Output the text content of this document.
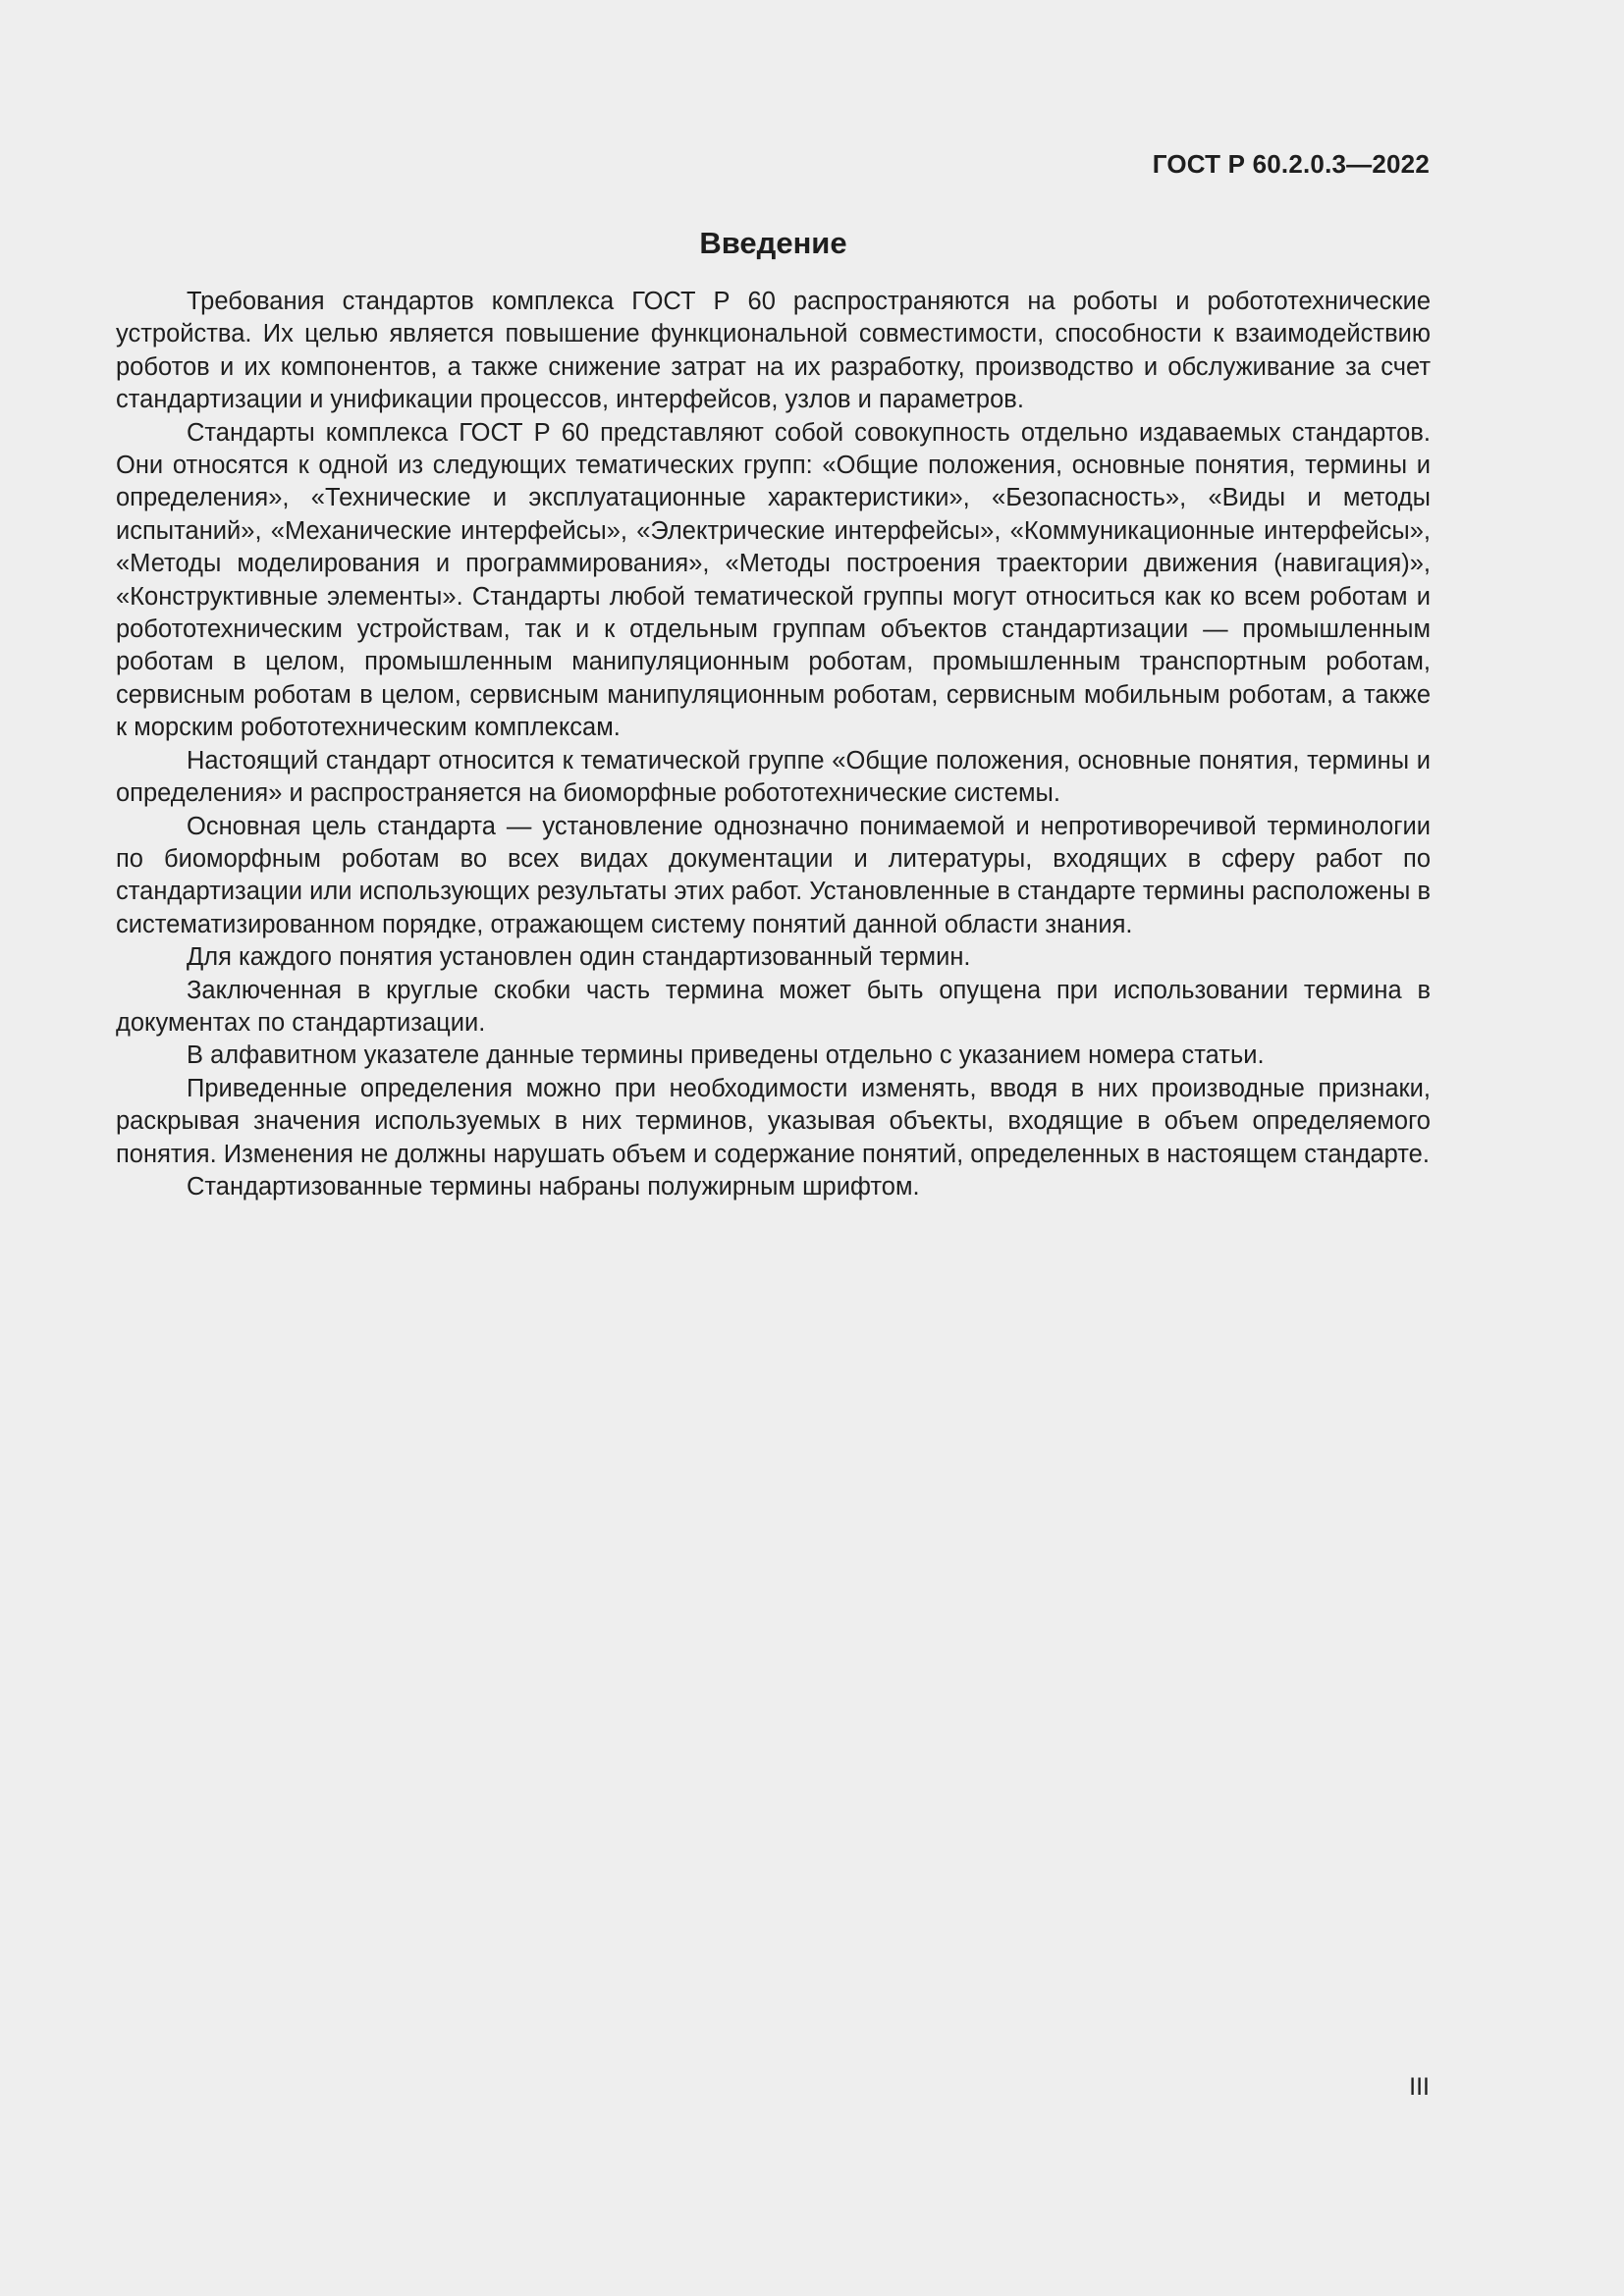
ГОСТ Р 60.2.0.3—2022
Введение

Требования стандартов комплекса ГОСТ Р 60 распространяются на роботы и робототехнические устройства. Их целью является повышение функциональной совместимости, способности к взаимодействию роботов и их компонентов, а также снижение затрат на их разработку, производство и обслуживание за счет стандартизации и унификации процессов, интерфейсов, узлов и параметров.

Стандарты комплекса ГОСТ Р 60 представляют собой совокупность отдельно издаваемых стандартов. Они относятся к одной из следующих тематических групп: «Общие положения, основные понятия, термины и определения», «Технические и эксплуатационные характеристики», «Безопасность», «Виды и методы испытаний», «Механические интерфейсы», «Электрические интерфейсы», «Коммуникационные интерфейсы», «Методы моделирования и программирования», «Методы построения траектории движения (навигация)», «Конструктивные элементы». Стандарты любой тематической группы могут относиться как ко всем роботам и робототехническим устройствам, так и к отдельным группам объектов стандартизации — промышленным роботам в целом, промышленным манипуляционным роботам, промышленным транспортным роботам, сервисным роботам в целом, сервисным манипуляционным роботам, сервисным мобильным роботам, а также к морским робототехническим комплексам.

Настоящий стандарт относится к тематической группе «Общие положения, основные понятия, термины и определения» и распространяется на биоморфные робототехнические системы.

Основная цель стандарта — установление однозначно понимаемой и непротиворечивой терминологии по биоморфным роботам во всех видах документации и литературы, входящих в сферу работ по стандартизации или использующих результаты этих работ. Установленные в стандарте термины расположены в систематизированном порядке, отражающем систему понятий данной области знания.

Для каждого понятия установлен один стандартизованный термин.

Заключенная в круглые скобки часть термина может быть опущена при использовании термина в документах по стандартизации.

В алфавитном указателе данные термины приведены отдельно с указанием номера статьи.

Приведенные определения можно при необходимости изменять, вводя в них производные признаки, раскрывая значения используемых в них терминов, указывая объекты, входящие в объем определяемого понятия. Изменения не должны нарушать объем и содержание понятий, определенных в настоящем стандарте.

Стандартизованные термины набраны полужирным шрифтом.

III
